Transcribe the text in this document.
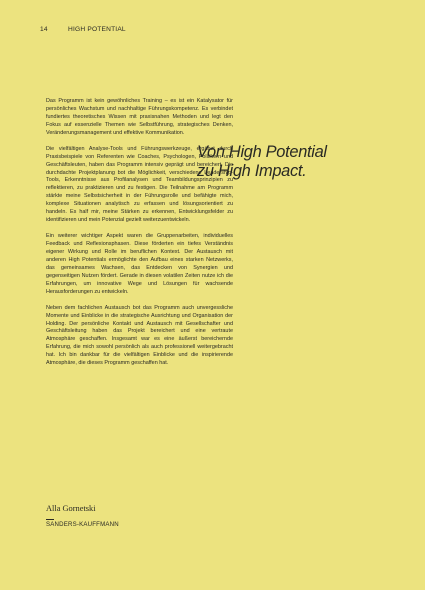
14	HIGH POTENTIAL

Das Programm ist kein gewöhnliches Training – es ist ein Katalysator für persönliches Wachstum und nachhaltige Führungskompetenz. Es verbindet fundiertes theoretisches Wissen mit praxisnahen Methoden und legt den Fokus auf essenzielle Themen wie Selbstführung, strategisches Denken, Veränderungsmanagement und effektive Kommunikation.

Die vielfältigen Analyse-Tools und Führungswerkzeuge, ergänzt durch Praxisbeispiele von Referenten wie Coaches, Psychologen, Politikern und Geschäftsleuten, haben das Programm intensiv geprägt und bereichert. Die durchdachte Projektplanung bot die Möglichkeit, verschiedene Leadership-Tools, Erkenntnisse aus Profilanalysen und Teambildungsprinzipien zu reflektieren, zu praktizieren und zu festigen. Die Teilnahme am Programm stärkte meine Selbstsicherheit in der Führungsrolle und befähigte mich, komplexe Situationen analytisch zu erfassen und lösungsorientiert zu handeln. Es half mir, meine Stärken zu erkennen, Entwicklungsfelder zu identifizieren und mein Potenzial gezielt weiterzuentwickeln.

Ein weiterer wichtiger Aspekt waren die Gruppenarbeiten, individuelles Feedback und Reflexionsphasen. Diese förderten ein tiefes Verständnis eigener Wirkung und Rolle im beruflichen Kontext. Der Austausch mit anderen High Potentials ermöglichte den Aufbau eines starken Netzwerks, das gemeinsames Wachsen, das Entdecken von Synergien und gegenseitigen Nutzen fördert. Gerade in diesen volatilen Zeiten nutze ich die Erfahrungen, um innovative Wege und Lösungen für wachsende Herausforderungen zu entwickeln.

Neben dem fachlichen Austausch bot das Programm auch unvergessliche Momente und Einblicke in die strategische Ausrichtung und Organisation der Holding. Der persönliche Kontakt und Austausch mit Gesellschafter und Geschäftsleitung haben das Projekt bereichert und eine vertraute Atmosphäre geschaffen. Insgesamt war es eine äußerst bereichernde Erfahrung, die mich sowohl persönlich als auch professionell weitergebracht hat. Ich bin dankbar für die vielfältigen Einblicke und die inspirierende Atmosphäre, die dieses Programm geschaffen hat.

Von High Potential
zu High Impact.
Alla Gornetski
SANDERS-KAUFFMANN
